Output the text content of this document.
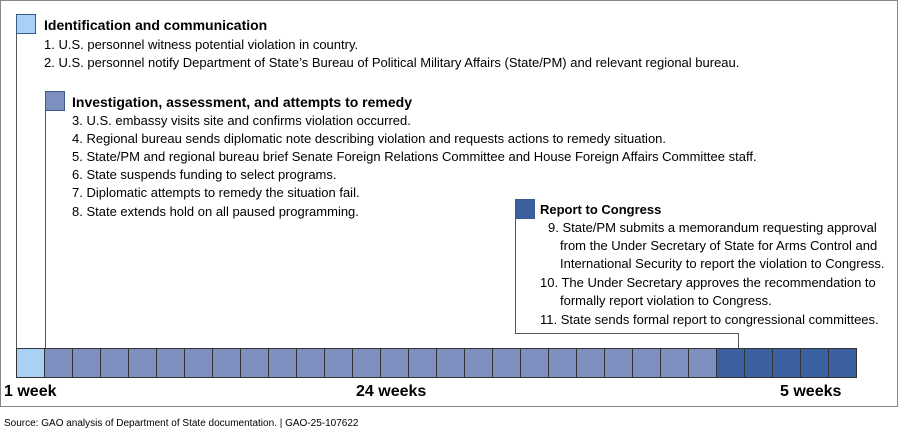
Identification and communication
1. U.S. personnel witness potential violation in country.
2. U.S. personnel notify Department of State’s Bureau of Political Military Affairs (State/PM) and relevant regional bureau.
Investigation, assessment, and attempts to remedy
3. U.S. embassy visits site and confirms violation occurred.
4. Regional bureau sends diplomatic note describing violation and requests actions to remedy situation.
5. State/PM and regional bureau brief Senate Foreign Relations Committee and House Foreign Affairs Committee staff.
6. State suspends funding to select programs.
7. Diplomatic attempts to remedy the situation fail.
8. State extends hold on all paused programming.	Report to Congress
9. State/PM submits a memorandum requesting approval
from the Under Secretary of State for Arms Control and
International Security to report the violation to Congress.
10. The Under Secretary approves the recommendation to
formally report violation to Congress.
11. State sends formal report to congressional committees.
1 week	24 weeks	5 weeks
Source: GAO analysis of Department of State documentation. | GAO-25-107622
